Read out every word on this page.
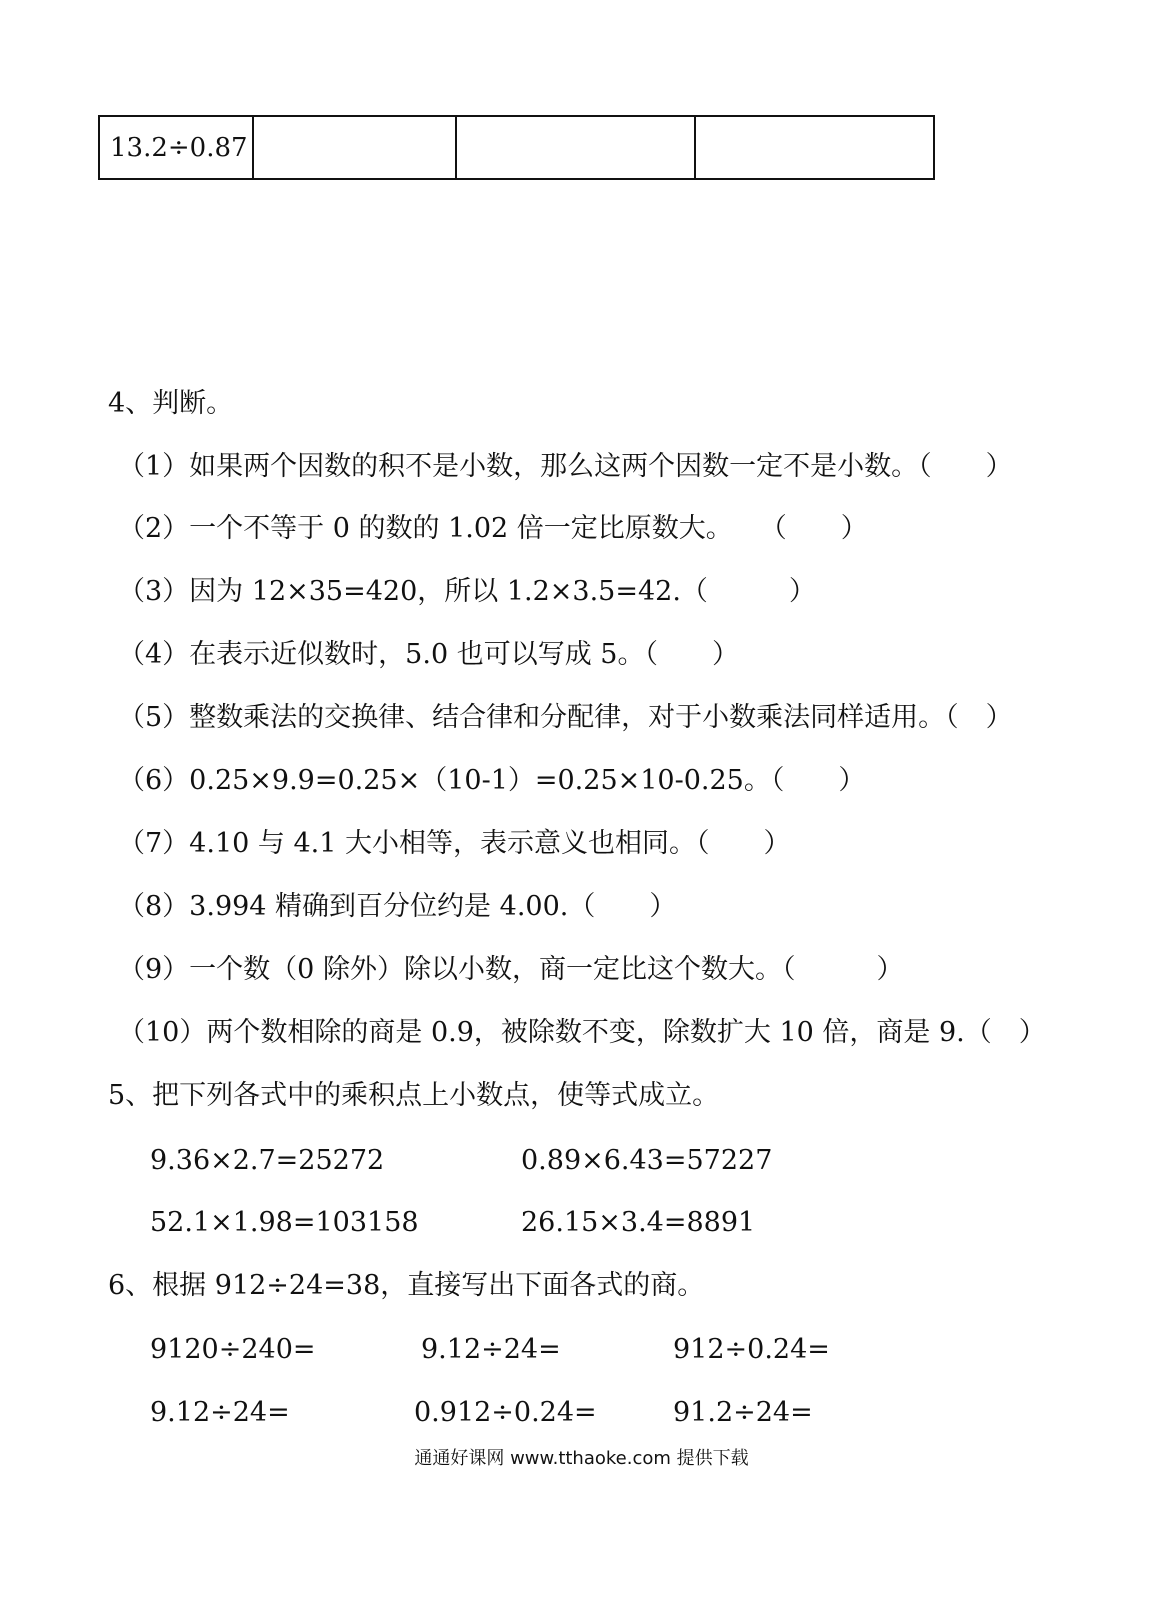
13.2÷0.87			
4、判断。
（1）如果两个因数的积不是小数，那么这两个因数一定不是小数。（　　）
（2）一个不等于 0 的数的 1.02 倍一定比原数大。　　（　　）
（3）因为 12×35=420，所以 1.2×3.5=42.（　　　）
（4）在表示近似数时，5.0 也可以写成 5。（　　）
（5）整数乘法的交换律、结合律和分配律，对于小数乘法同样适用。（　）
（6）0.25×9.9=0.25×（10-1）=0.25×10-0.25。（　　）
（7）4.10 与 4.1 大小相等，表示意义也相同。（　　）
（8）3.994 精确到百分位约是 4.00.（　　）
（9）一个数（0 除外）除以小数，商一定比这个数大。（　　　）
（10）两个数相除的商是 0.9，被除数不变，除数扩大 10 倍，商是 9.（　）
5、把下列各式中的乘积点上小数点，使等式成立。
9.36×2.7=25272	0.89×6.43=57227
52.1×1.98=103158	26.15×3.4=8891
6、根据 912÷24=38，直接写出下面各式的商。
9120÷240=	9.12÷24=	912÷0.24=
9.12÷24=	0.912÷0.24=	91.2÷24=
通通好课网 www.tthaoke.com 提供下载
